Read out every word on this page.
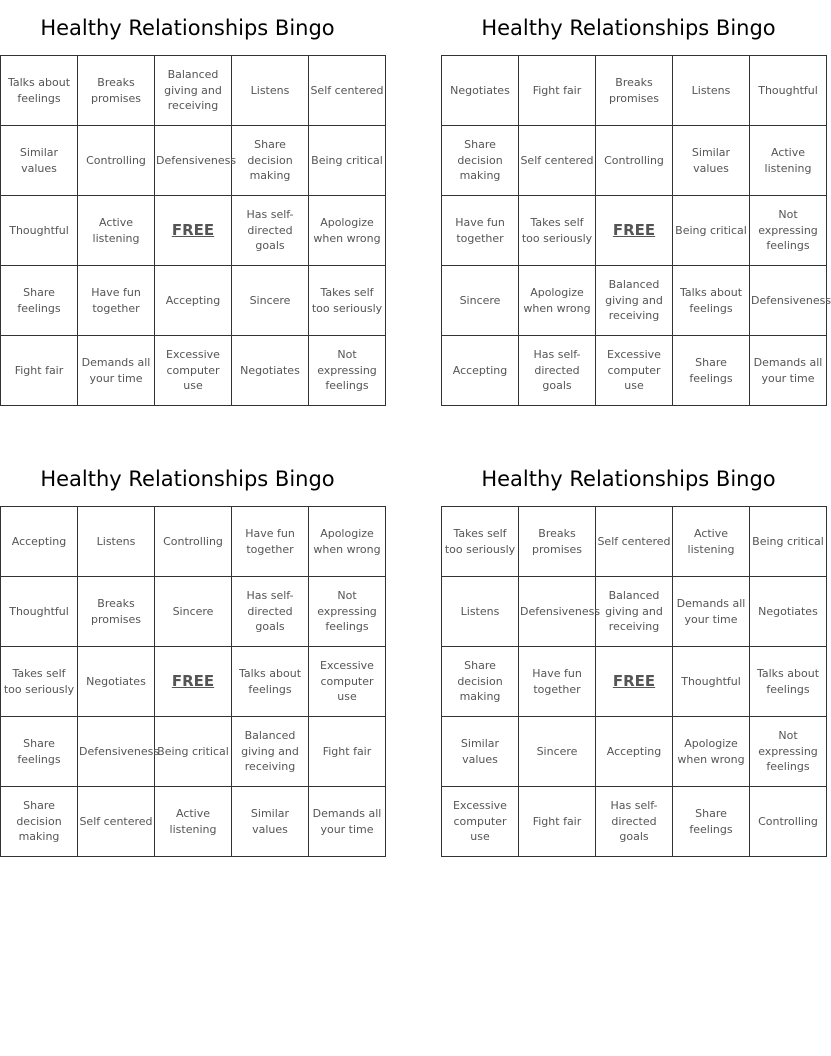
Healthy Relationships Bingo
Talks about feelings	Breaks promises	Balanced giving and receiving	Listens	Self centered
Similar values	Controlling	Defensiveness	Share decision making	Being critical
Thoughtful	Active listening	FREE	Has self-directed goals	Apologize when wrong
Share feelings	Have fun together	Accepting	Sincere	Takes self too seriously
Fight fair	Demands all your time	Excessive computer use	Negotiates	Not expressing feelings
Healthy Relationships Bingo
Negotiates	Fight fair	Breaks promises	Listens	Thoughtful
Share decision making	Self centered	Controlling	Similar values	Active listening
Have fun together	Takes self too seriously	FREE	Being critical	Not expressing feelings
Sincere	Apologize when wrong	Balanced giving and receiving	Talks about feelings	Defensiveness
Accepting	Has self-directed goals	Excessive computer use	Share feelings	Demands all your time
Healthy Relationships Bingo
Accepting	Listens	Controlling	Have fun together	Apologize when wrong
Thoughtful	Breaks promises	Sincere	Has self-directed goals	Not expressing feelings
Takes self too seriously	Negotiates	FREE	Talks about feelings	Excessive computer use
Share feelings	Defensiveness	Being critical	Balanced giving and receiving	Fight fair
Share decision making	Self centered	Active listening	Similar values	Demands all your time
Healthy Relationships Bingo
Takes self too seriously	Breaks promises	Self centered	Active listening	Being critical
Listens	Defensiveness	Balanced giving and receiving	Demands all your time	Negotiates
Share decision making	Have fun together	FREE	Thoughtful	Talks about feelings
Similar values	Sincere	Accepting	Apologize when wrong	Not expressing feelings
Excessive computer use	Fight fair	Has self-directed goals	Share feelings	Controlling
